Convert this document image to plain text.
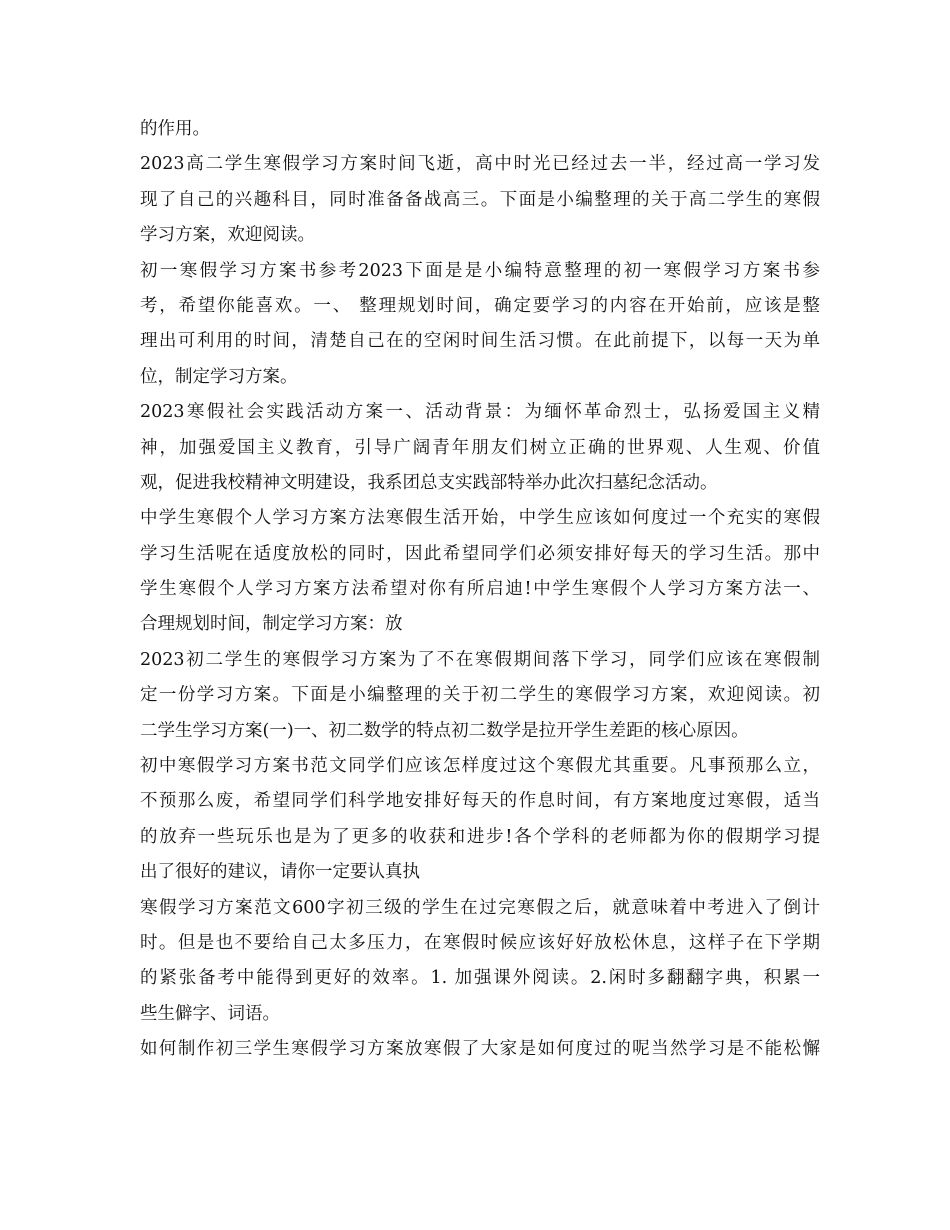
的作用。
2023高二学生寒假学习方案时间飞逝，高中时光已经过去一半，经过高一学习发
现了自己的兴趣科目，同时准备备战高三。下面是小编整理的关于高二学生的寒假
学习方案，欢迎阅读。
初一寒假学习方案书参考2023下面是是小编特意整理的初一寒假学习方案书参
考，希望你能喜欢。一、 整理规划时间，确定要学习的内容在开始前，应该是整
理出可利用的时间，清楚自己在的空闲时间生活习惯。在此前提下，以每一天为单
位，制定学习方案。
2023寒假社会实践活动方案一、活动背景：为缅怀革命烈士，弘扬爱国主义精
神，加强爱国主义教育，引导广阔青年朋友们树立正确的世界观、人生观、价值
观，促进我校精神文明建设，我系团总支实践部特举办此次扫墓纪念活动。
中学生寒假个人学习方案方法寒假生活开始，中学生应该如何度过一个充实的寒假
学习生活呢在适度放松的同时，因此希望同学们必须安排好每天的学习生活。那中
学生寒假个人学习方案方法希望对你有所启迪!中学生寒假个人学习方案方法一、
合理规划时间，制定学习方案：放
2023初二学生的寒假学习方案为了不在寒假期间落下学习，同学们应该在寒假制
定一份学习方案。下面是小编整理的关于初二学生的寒假学习方案，欢迎阅读。初
二学生学习方案(一)一、初二数学的特点初二数学是拉开学生差距的核心原因。
初中寒假学习方案书范文同学们应该怎样度过这个寒假尤其重要。凡事预那么立，
不预那么废，希望同学们科学地安排好每天的作息时间，有方案地度过寒假，适当
的放弃一些玩乐也是为了更多的收获和进步!各个学科的老师都为你的假期学习提
出了很好的建议，请你一定要认真执
寒假学习方案范文600字初三级的学生在过完寒假之后，就意味着中考进入了倒计
时。但是也不要给自己太多压力，在寒假时候应该好好放松休息，这样子在下学期
的紧张备考中能得到更好的效率。1. 加强课外阅读。2.闲时多翻翻字典，积累一
些生僻字、词语。
如何制作初三学生寒假学习方案放寒假了大家是如何度过的呢当然学习是不能松懈
